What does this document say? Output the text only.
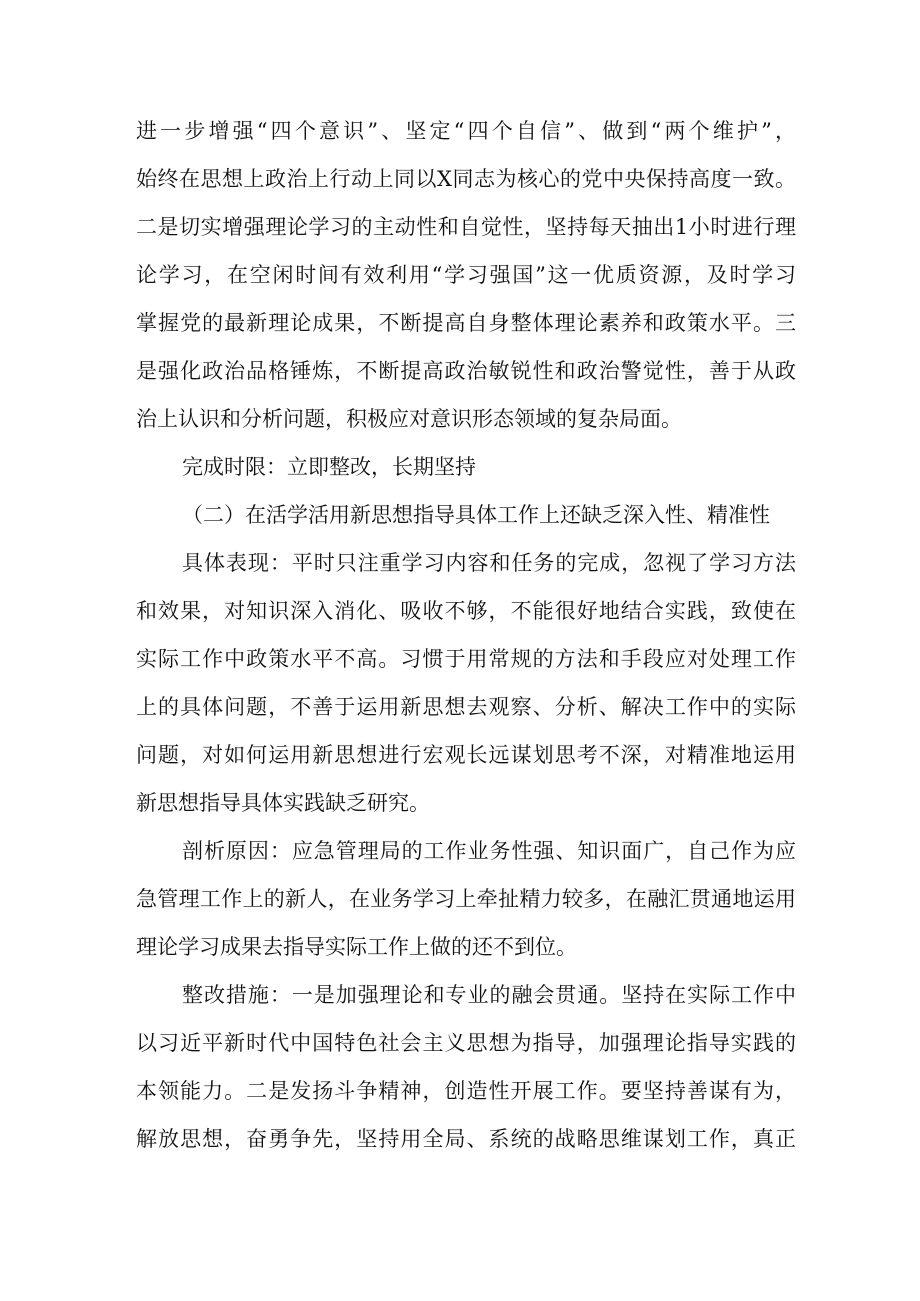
进一步增强“四个意识”、坚定“四个自信”、做到“两个维护”，
始终在思想上政治上行动上同以X同志为核心的党中央保持高度一致。
二是切实增强理论学习的主动性和自觉性，坚持每天抽出1小时进行理
论学习，在空闲时间有效利用“学习强国”这一优质资源，及时学习
掌握党的最新理论成果，不断提高自身整体理论素养和政策水平。三
是强化政治品格锤炼，不断提高政治敏锐性和政治警觉性，善于从政
治上认识和分析问题，积极应对意识形态领域的复杂局面。
完成时限：立即整改，长期坚持
（二）在活学活用新思想指导具体工作上还缺乏深入性、精准性
具体表现：平时只注重学习内容和任务的完成，忽视了学习方法
和效果，对知识深入消化、吸收不够，不能很好地结合实践，致使在
实际工作中政策水平不高。习惯于用常规的方法和手段应对处理工作
上的具体问题，不善于运用新思想去观察、分析、解决工作中的实际
问题，对如何运用新思想进行宏观长远谋划思考不深，对精准地运用
新思想指导具体实践缺乏研究。
剖析原因：应急管理局的工作业务性强、知识面广，自己作为应
急管理工作上的新人，在业务学习上牵扯精力较多，在融汇贯通地运用
理论学习成果去指导实际工作上做的还不到位。
整改措施：一是加强理论和专业的融会贯通。坚持在实际工作中
以习近平新时代中国特色社会主义思想为指导，加强理论指导实践的
本领能力。二是发扬斗争精神，创造性开展工作。要坚持善谋有为，
解放思想，奋勇争先，坚持用全局、系统的战略思维谋划工作，真正
